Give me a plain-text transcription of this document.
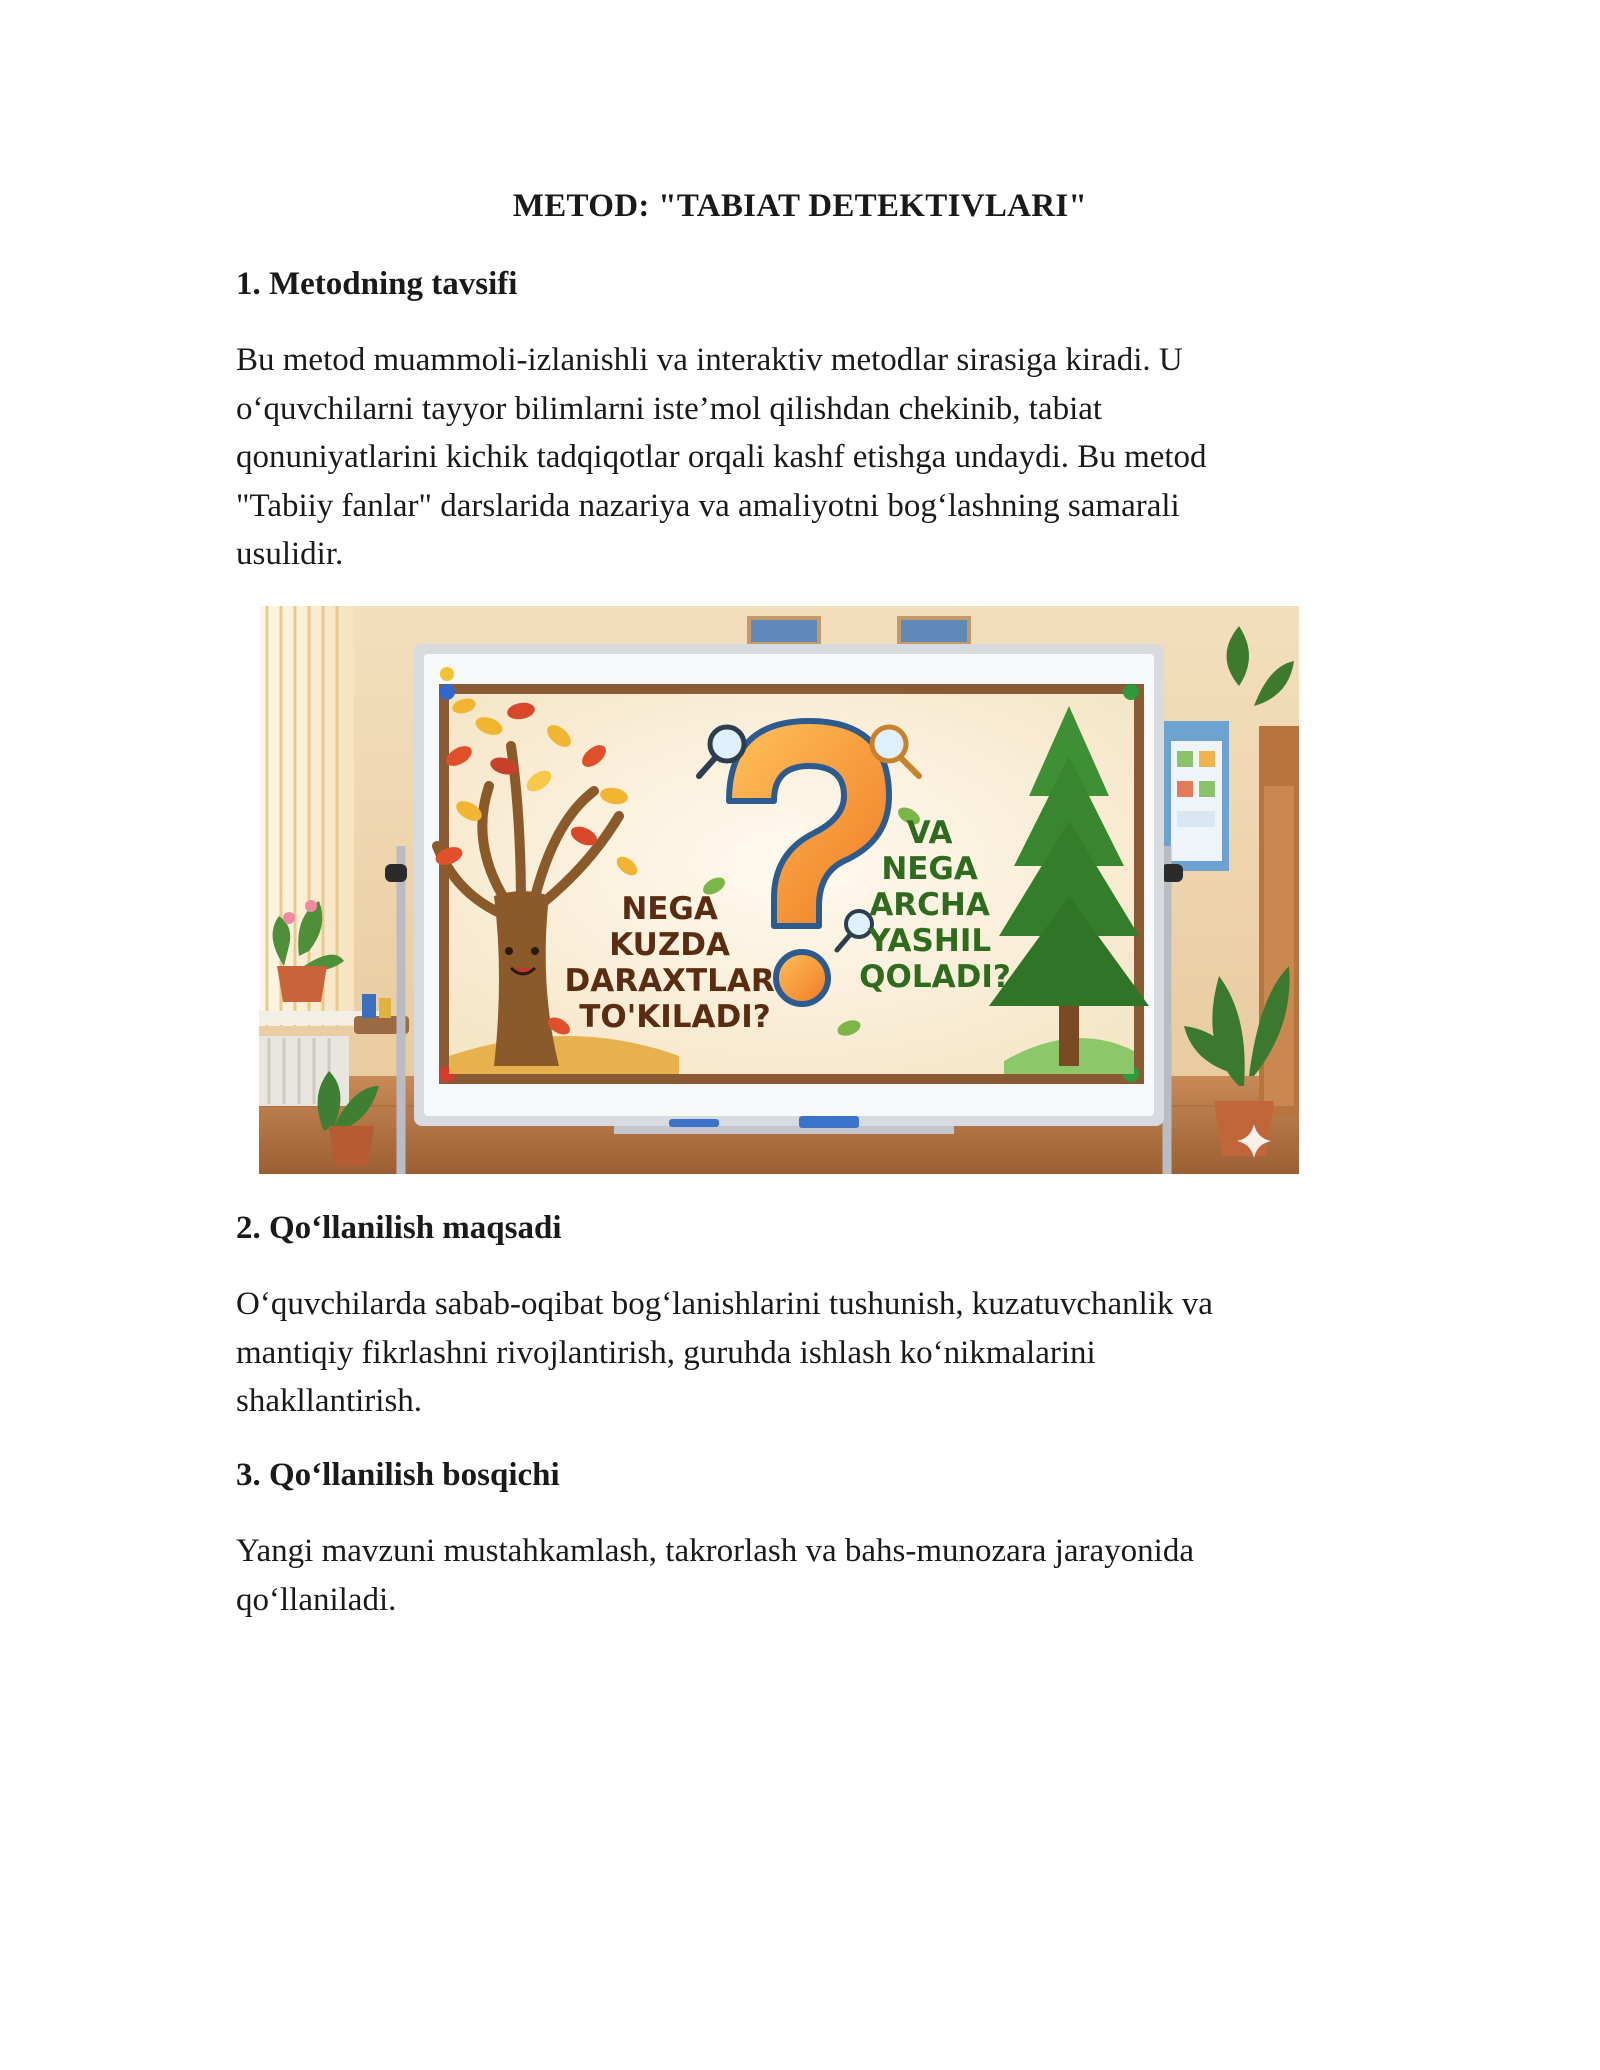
METOD: "TABIAT DETEKTIVLARI"
1. Metodning tavsifi
Bu metod muammoli-izlanishli va interaktiv metodlar sirasiga kiradi. U
o‘quvchilarni tayyor bilimlarni iste’mol qilishdan chekinib, tabiat
qonuniyatlarini kichik tadqiqotlar orqali kashf etishga undaydi. Bu metod
"Tabiiy fanlar" darslarida nazariya va amaliyotni bog‘lashning samarali
usulidir.
NEGA KUZDA DARAXTLAR TO'KILADI?
VA NEGA ARCHA YASHIL QOLADI?
2. Qo‘llanilish maqsadi
O‘quvchilarda sabab-oqibat bog‘lanishlarini tushunish, kuzatuvchanlik va
mantiqiy fikrlashni rivojlantirish, guruhda ishlash ko‘nikmalarini
shakllantirish.
3. Qo‘llanilish bosqichi
Yangi mavzuni mustahkamlash, takrorlash va bahs-munozara jarayonida
qo‘llaniladi.
